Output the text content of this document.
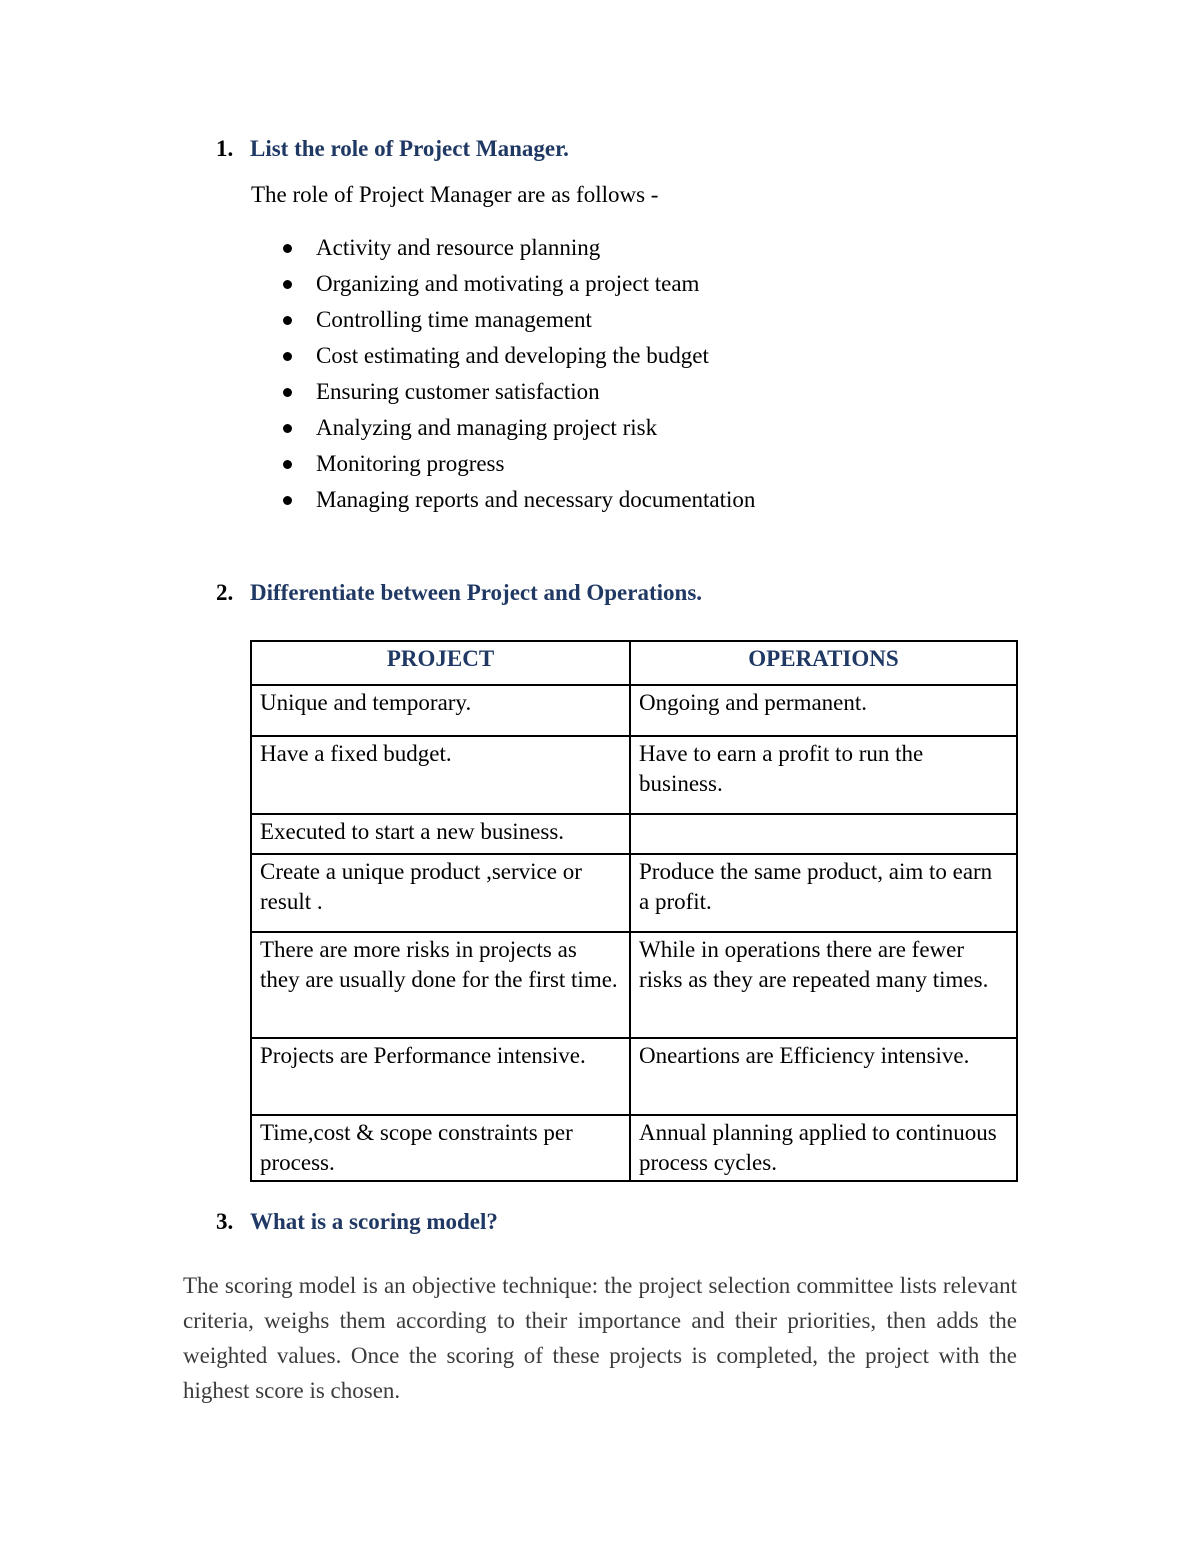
1. List the role of Project Manager.
The role of Project Manager are as follows -
Activity and resource planning
Organizing and motivating a project team
Controlling time management
Cost estimating and developing the budget
Ensuring customer satisfaction
Analyzing and managing project risk
Monitoring progress
Managing reports and necessary documentation
2. Differentiate between Project and Operations.
PROJECT	OPERATIONS
Unique and temporary.	Ongoing and permanent.
Have a fixed budget.	Have to earn a profit to run the business.
Executed to start a new business.	
Create a unique product ,service or result .	Produce the same product, aim to earn a profit.
There are more risks in projects as they are usually done for the first time.	While in operations there are fewer risks as they are repeated many times.
Projects are Performance intensive.	Oneartions are Efficiency intensive.
Time,cost & scope constraints per process.	Annual planning applied to continuous process cycles.
3. What is a scoring model?

The scoring model is an objective technique: the project selection committee lists relevant criteria, weighs them according to their importance and their priorities, then adds the weighted values. Once the scoring of these projects is completed, the project with the highest score is chosen.
